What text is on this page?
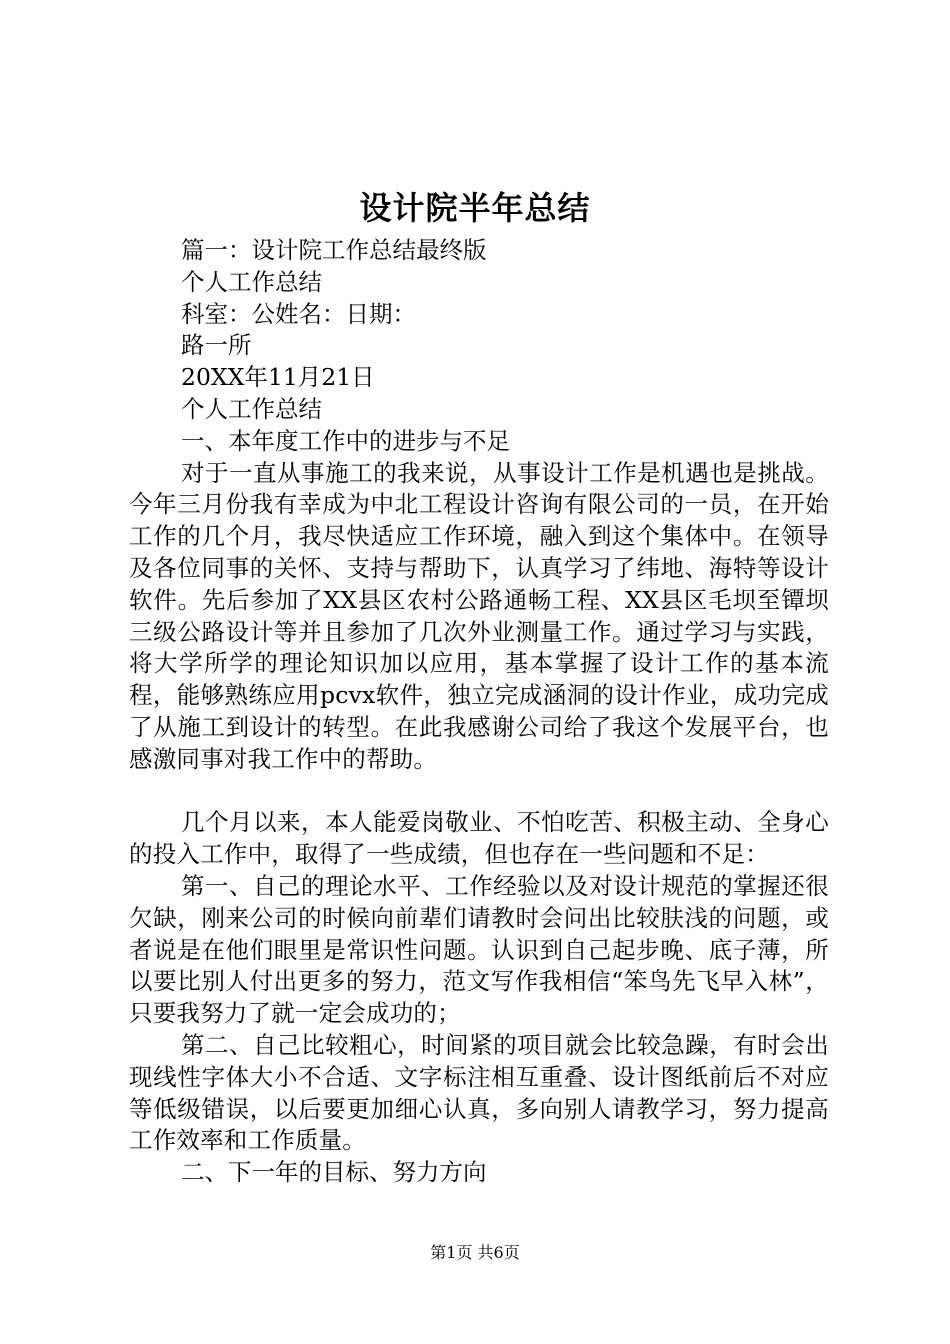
设计院半年总结

篇一：设计院工作总结最终版

个人工作总结

科室：公姓名：日期：

路一所

20XX年11月21日

个人工作总结

一、本年度工作中的进步与不足

对于一直从事施工的我来说，从事设计工作是机遇也是挑战。今年三月份我有幸成为中北工程设计咨询有限公司的一员，在开始工作的几个月，我尽快适应工作环境，融入到这个集体中。在领导及各位同事的关怀、支持与帮助下，认真学习了纬地、海特等设计软件。先后参加了XX县区农村公路通畅工程、XX县区毛坝至镡坝三级公路设计等并且参加了几次外业测量工作。通过学习与实践，将大学所学的理论知识加以应用，基本掌握了设计工作的基本流程，能够熟练应用pcvx软件，独立完成涵洞的设计作业，成功完成了从施工到设计的转型。在此我感谢公司给了我这个发展平台，也感激同事对我工作中的帮助。

几个月以来，本人能爱岗敬业、不怕吃苦、积极主动、全身心的投入工作中，取得了一些成绩，但也存在一些问题和不足：

第一、自己的理论水平、工作经验以及对设计规范的掌握还很欠缺，刚来公司的时候向前辈们请教时会问出比较肤浅的问题，或者说是在他们眼里是常识性问题。认识到自己起步晚、底子薄，所以要比别人付出更多的努力，范文写作我相信“笨鸟先飞早入林”，只要我努力了就一定会成功的；

第二、自己比较粗心，时间紧的项目就会比较急躁，有时会出现线性字体大小不合适、文字标注相互重叠、设计图纸前后不对应等低级错误，以后要更加细心认真，多向别人请教学习，努力提高工作效率和工作质量。

二、下一年的目标、努力方向

第1页 共6页
